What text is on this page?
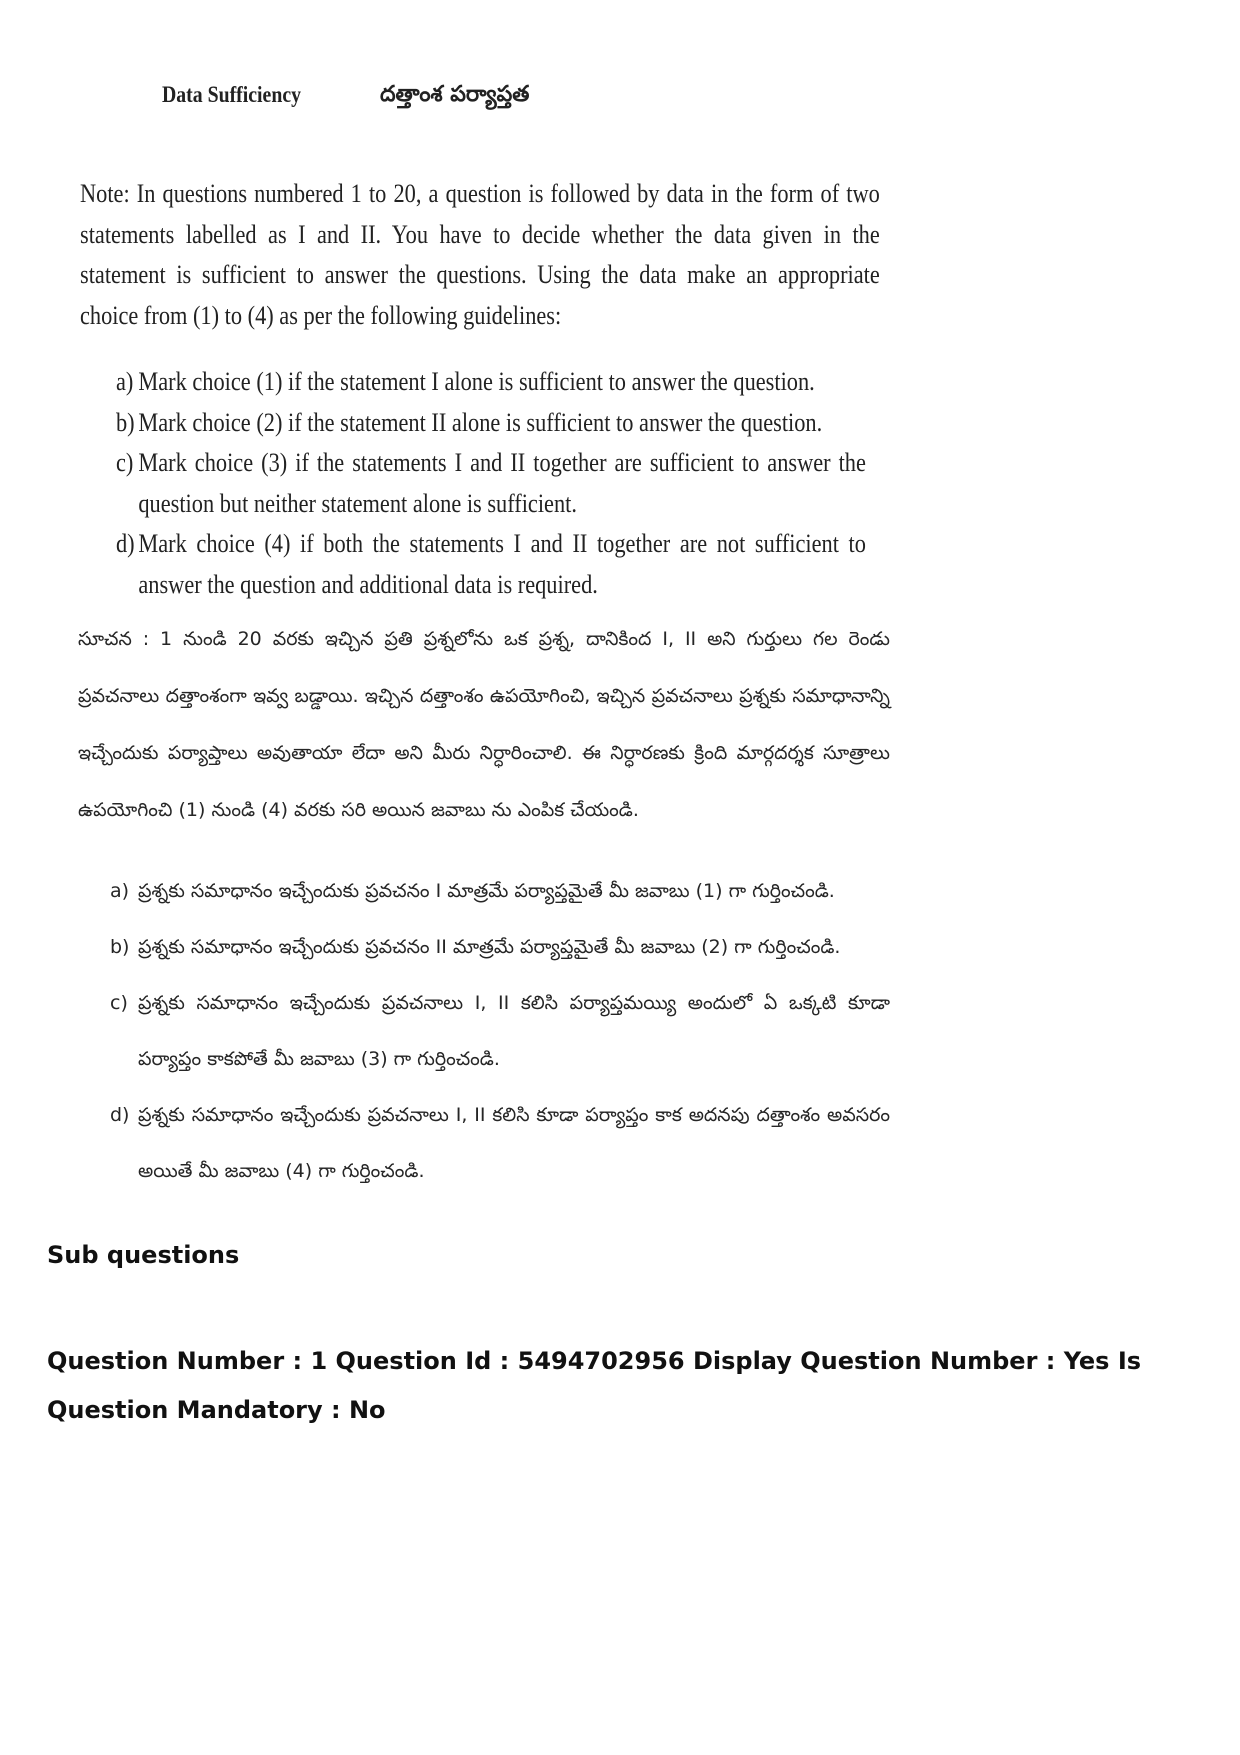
Data Sufficiency	దత్తాంశ పర్యాప్తత

Note: In questions numbered 1 to 20, a question is followed by data in the form of two statements labelled as I and II. You have to decide whether the data given in the statement is sufficient to answer the questions. Using the data make an appropriate choice from (1) to (4) as per the following guidelines:

a) Mark choice (1) if the statement I alone is sufficient to answer the question.
b) Mark choice (2) if the statement II alone is sufficient to answer the question.
c) Mark choice (3) if the statements I and II together are sufficient to answer the question but neither statement alone is sufficient.
d) Mark choice (4) if both the statements I and II together are not sufficient to answer the question and additional data is required.

సూచన : 1 నుండి 20 వరకు ఇచ్చిన ప్రతి ప్రశ్నలోను ఒక ప్రశ్న, దానికింద I, II అని గుర్తులు గల రెండు ప్రవచనాలు దత్తాంశంగా ఇవ్వ బడ్డాయి. ఇచ్చిన దత్తాంశం ఉపయోగించి, ఇచ్చిన ప్రవచనాలు ప్రశ్నకు సమాధానాన్ని ఇచ్చేందుకు పర్యాప్తాలు అవుతాయా లేదా అని మీరు నిర్ధారించాలి. ఈ నిర్ధారణకు క్రింది మార్గదర్శక సూత్రాలు ఉపయోగించి (1) నుండి (4) వరకు సరి అయిన జవాబు ను ఎంపిక చేయండి.

a) ప్రశ్నకు సమాధానం ఇచ్చేందుకు ప్రవచనం I మాత్రమే పర్యాప్తమైతే మీ జవాబు (1) గా గుర్తించండి.
b) ప్రశ్నకు సమాధానం ఇచ్చేందుకు ప్రవచనం II మాత్రమే పర్యాప్తమైతే మీ జవాబు (2) గా గుర్తించండి.
c) ప్రశ్నకు సమాధానం ఇచ్చేందుకు ప్రవచనాలు I, II కలిసి పర్యాప్తమయ్యి అందులో ఏ ఒక్కటి కూడా పర్యాప్తం కాకపోతే మీ జవాబు (3) గా గుర్తించండి.
d) ప్రశ్నకు సమాధానం ఇచ్చేందుకు ప్రవచనాలు I, II కలిసి కూడా పర్యాప్తం కాక అదనపు దత్తాంశం అవసరం అయితే మీ జవాబు (4) గా గుర్తించండి.
Sub questions
Question Number : 1 Question Id : 5494702956 Display Question Number : Yes Is Question Mandatory : No
